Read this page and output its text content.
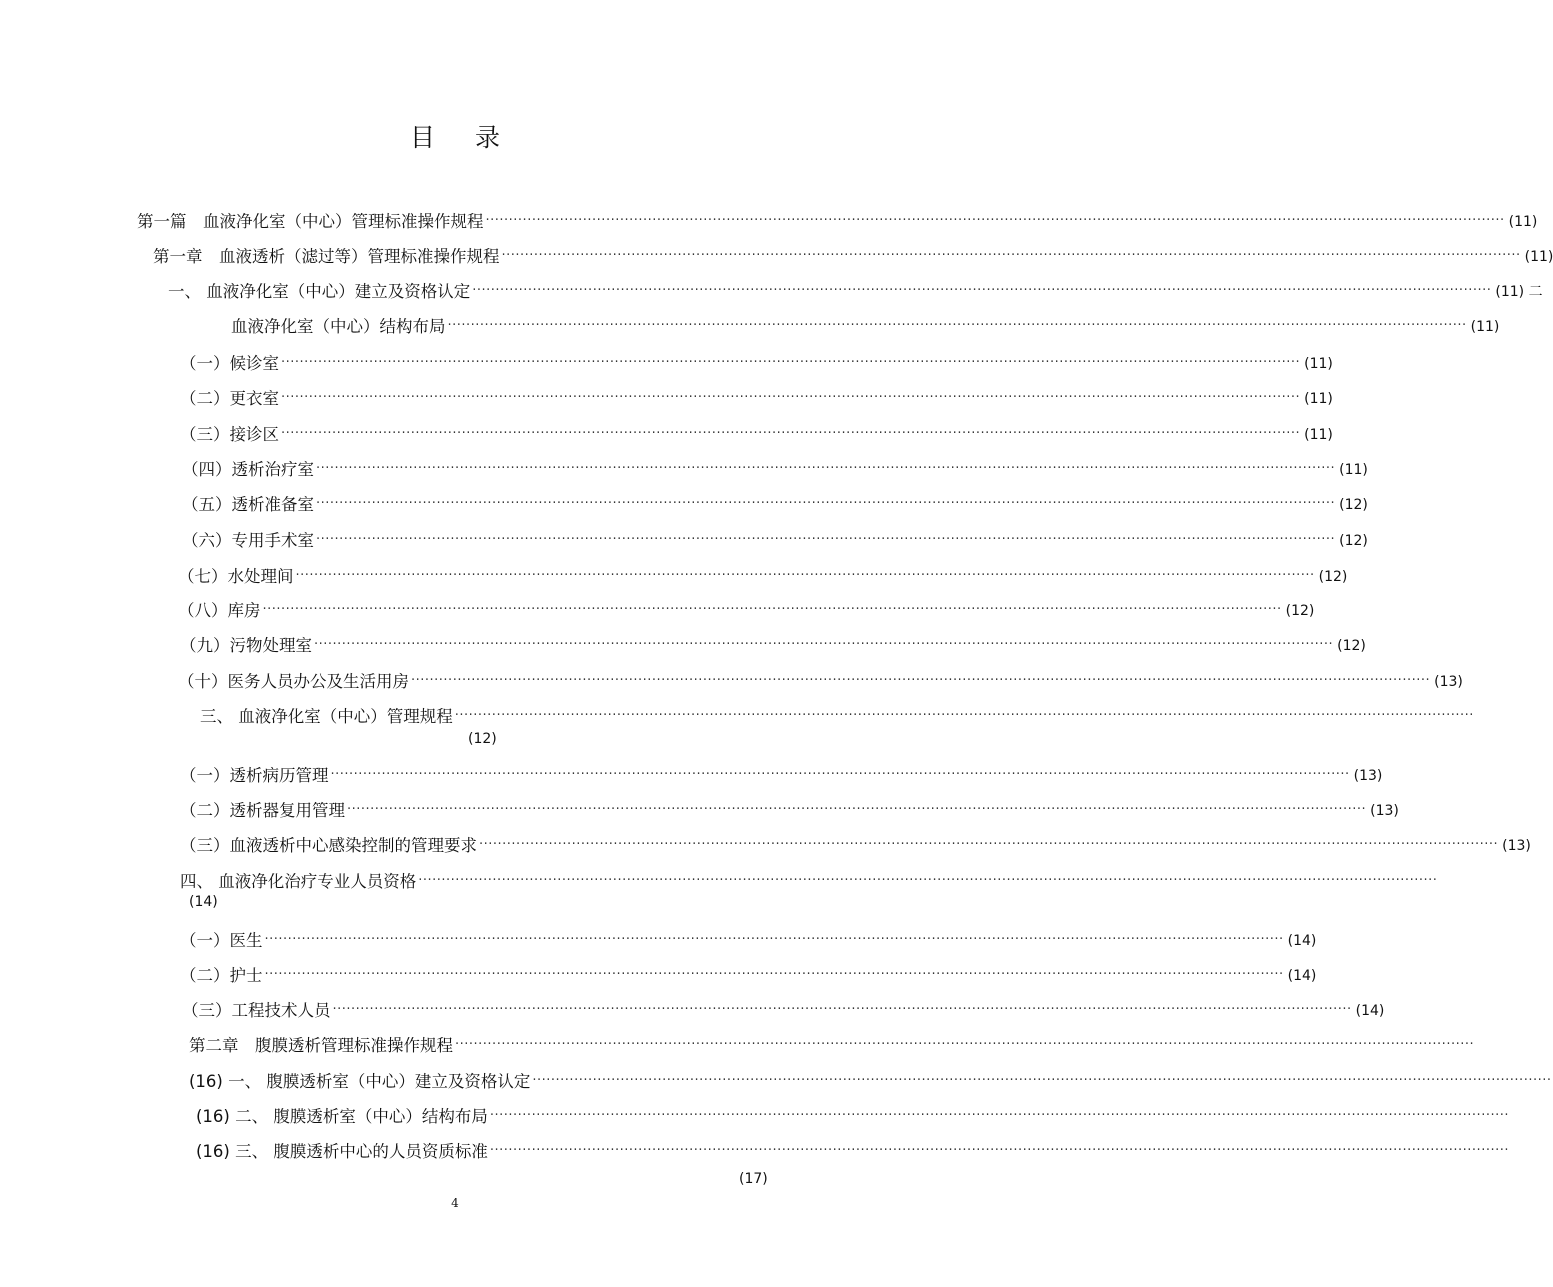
目 录
第一篇　血液净化室（中心）管理标准操作规程 ···························································································································································································································· (11)
第一章　血液透析（滤过等）管理标准操作规程 ···························································································································································································································· (11)
一、 血液净化室（中心）建立及资格认定 ···························································································································································································································· (11) 二
血液净化室（中心）结构布局 ···························································································································································································································· (11)
（一）候诊室 ···························································································································································································································· (11)
（二）更衣室 ···························································································································································································································· (11)
（三）接诊区 ···························································································································································································································· (11)
（四）透析治疗室 ···························································································································································································································· (11)
（五）透析准备室 ···························································································································································································································· (12)
（六）专用手术室 ···························································································································································································································· (12)
（七）水处理间 ···························································································································································································································· (12)
（八）库房 ···························································································································································································································· (12)
（九）污物处理室 ···························································································································································································································· (12)
（十）医务人员办公及生活用房 ···························································································································································································································· (13)
三、 血液净化室（中心）管理规程 ····························································································································································································································
(12)
（一）透析病历管理 ···························································································································································································································· (13)
（二）透析器复用管理 ···························································································································································································································· (13)
（三）血液透析中心感染控制的管理要求 ···························································································································································································································· (13)
四、 血液净化治疗专业人员资格 ····························································································································································································································
(14)
（一）医生 ···························································································································································································································· (14)
（二）护士 ···························································································································································································································· (14)
（三）工程技术人员 ···························································································································································································································· (14)
第二章　腹膜透析管理标准操作规程 ····························································································································································································································
(16) 一、 腹膜透析室（中心）建立及资格认定 ····························································································································································································································
(16) 二、 腹膜透析室（中心）结构布局 ····························································································································································································································
(16) 三、 腹膜透析中心的人员资质标准 ····························································································································································································································
(17)
4
